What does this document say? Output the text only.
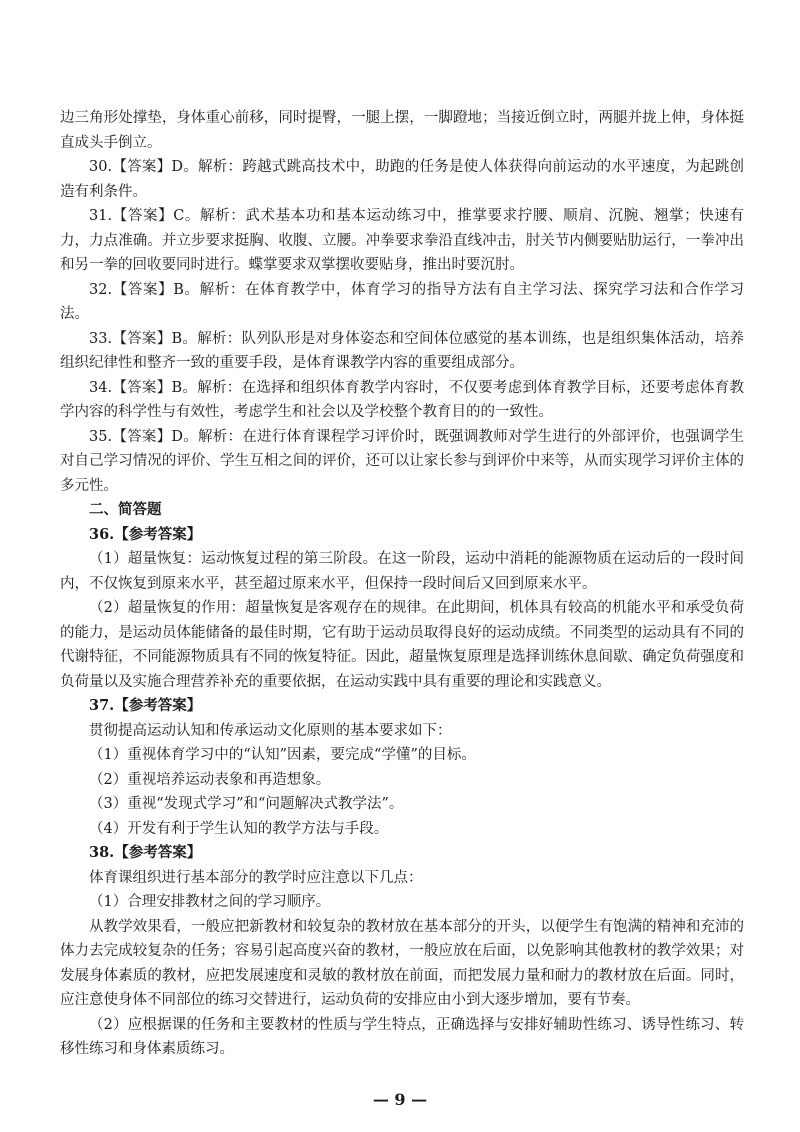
边三角形处撑垫，身体重心前移，同时提臀，一腿上摆，一脚蹬地；当接近倒立时，两腿并拢上伸，身体挺直成头手倒立。

30.【答案】D。解析：跨越式跳高技术中，助跑的任务是使人体获得向前运动的水平速度，为起跳创造有利条件。

31.【答案】C。解析：武术基本功和基本运动练习中，推掌要求拧腰、顺肩、沉腕、翘掌；快速有力，力点准确。并立步要求挺胸、收腹、立腰。冲拳要求拳沿直线冲击，肘关节内侧要贴肋运行，一拳冲出和另一拳的回收要同时进行。蝶掌要求双掌摆收要贴身，推出时要沉肘。

32.【答案】B。解析：在体育教学中，体育学习的指导方法有自主学习法、探究学习法和合作学习法。

33.【答案】B。解析：队列队形是对身体姿态和空间体位感觉的基本训练，也是组织集体活动，培养组织纪律性和整齐一致的重要手段，是体育课教学内容的重要组成部分。

34.【答案】B。解析：在选择和组织体育教学内容时，不仅要考虑到体育教学目标，还要考虑体育教学内容的科学性与有效性，考虑学生和社会以及学校整个教育目的的一致性。

35.【答案】D。解析：在进行体育课程学习评价时，既强调教师对学生进行的外部评价，也强调学生对自己学习情况的评价、学生互相之间的评价，还可以让家长参与到评价中来等，从而实现学习评价主体的多元性。

二、简答题

36.【参考答案】

（1）超量恢复：运动恢复过程的第三阶段。在这一阶段，运动中消耗的能源物质在运动后的一段时间内，不仅恢复到原来水平，甚至超过原来水平，但保持一段时间后又回到原来水平。

（2）超量恢复的作用：超量恢复是客观存在的规律。在此期间，机体具有较高的机能水平和承受负荷的能力，是运动员体能储备的最佳时期，它有助于运动员取得良好的运动成绩。不同类型的运动具有不同的代谢特征，不同能源物质具有不同的恢复特征。因此，超量恢复原理是选择训练休息间歇、确定负荷强度和负荷量以及实施合理营养补充的重要依据，在运动实践中具有重要的理论和实践意义。

37.【参考答案】

贯彻提高运动认知和传承运动文化原则的基本要求如下：

（1）重视体育学习中的“认知”因素，要完成“学懂”的目标。

（2）重视培养运动表象和再造想象。

（3）重视“发现式学习”和“问题解决式教学法”。

（4）开发有利于学生认知的教学方法与手段。

38.【参考答案】

体育课组织进行基本部分的教学时应注意以下几点：

（1）合理安排教材之间的学习顺序。

从教学效果看，一般应把新教材和较复杂的教材放在基本部分的开头，以便学生有饱满的精神和充沛的体力去完成较复杂的任务；容易引起高度兴奋的教材，一般应放在后面，以免影响其他教材的教学效果；对发展身体素质的教材，应把发展速度和灵敏的教材放在前面，而把发展力量和耐力的教材放在后面。同时，应注意使身体不同部位的练习交替进行，运动负荷的安排应由小到大逐步增加，要有节奏。

（2）应根据课的任务和主要教材的性质与学生特点，正确选择与安排好辅助性练习、诱导性练习、转移性练习和身体素质练习。

— 9 —
